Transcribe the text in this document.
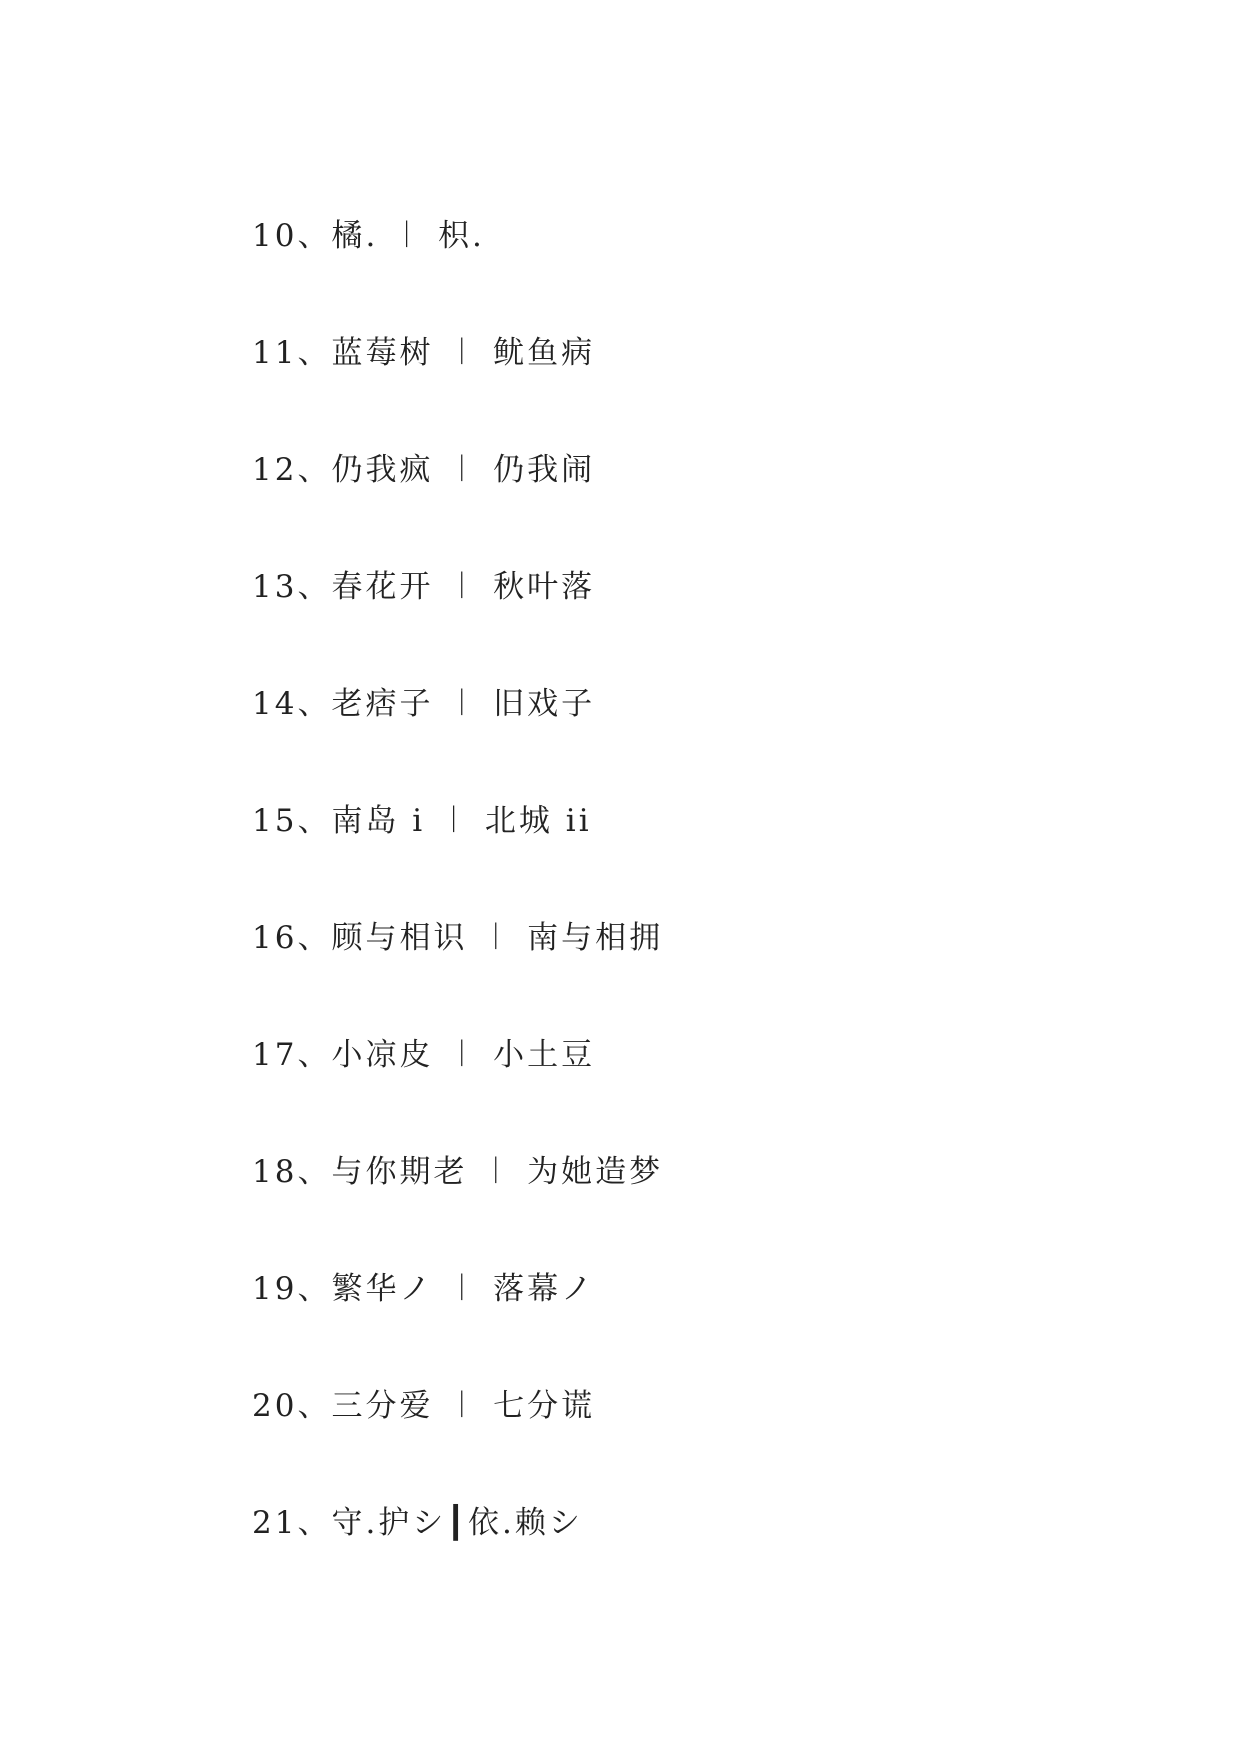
10、橘. ︱ 枳.
11、蓝莓树 ︱ 鱿鱼病
12、仍我疯 ︱ 仍我闹
13、春花开 ︱ 秋叶落
14、老痞子 ︱ 旧戏子
15、南岛 i ︱ 北城 ii
16、顾与相识 ︱ 南与相拥
17、小凉皮 ︱ 小土豆
18、与你期老 ︱ 为她造梦
19、繁华ノ ︱ 落幕ノ
20、三分爱 ︱ 七分谎
21、守.护シ┃依.赖シ
